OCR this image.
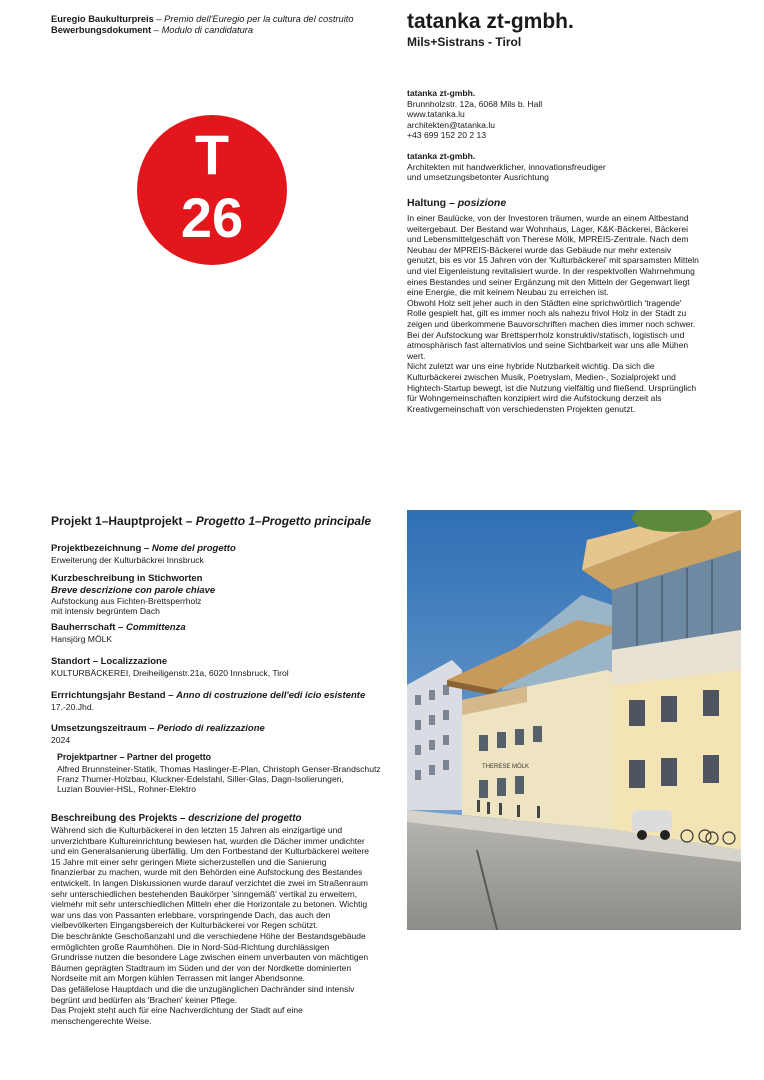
Euregio Baukulturpreis – Premio dell'Euregio per la cultura del costruito
Bewerbungsdokument – Modulo di candidatura	tatanka zt-gmbh.
Mils+Sistrans - Tirol
T
26
tatanka zt-gmbh.
Brunnholzstr. 12a, 6068 Mils b. Hall
www.tatanka.lu
architekten@tatanka.lu
+43 699 152 20 2 13
tatanka zt-gmbh.
Architekten mit handwerklicher, innovationsfreudiger
und umsetzungsbetonter Ausrichtung
Haltung – posizione
In einer Baulücke, von der Investoren träumen, wurde an einem Altbestand
weitergebaut. Der Bestand war Wohnhaus, Lager, K&K-Bäckerei, Bäckerei
und Lebensmittelgeschäft von Therese Mölk, MPREIS-Zentrale. Nach dem
Neubau der MPREIS-Bäckerei wurde das Gebäude nur mehr extensiv
genutzt, bis es vor 15 Jahren von der 'Kulturbäckerei' mit sparsamsten Mitteln
und viel Eigenleistung revitalisiert wurde. In der respektvollen Wahrnehmung
eines Bestandes und seiner Ergänzung mit den Mitteln der Gegenwart liegt
eine Energie, die mit keinem Neubau zu erreichen ist.
Obwohl Holz seit jeher auch in den Städten eine sprichwörtlich 'tragende'
Rolle gespielt hat, gilt es immer noch als nahezu frivol Holz in der Stadt zu
zeigen und überkommene Bauvorschriften machen dies immer noch schwer.
Bei der Aufstockung war Brettsperrholz konstruktiv/statisch, logistisch und
atmosphärisch fast alternativlos und seine Sichtbarkeit war uns alle Mühen
wert.
Nicht zuletzt war uns eine hybride Nutzbarkeit wichtig. Da sich die
Kulturbäckerei zwischen Musik, Poetryslam, Medien-, Sozialprojekt und
Hightech-Startup bewegt, ist die Nutzung vielfältig und fließend. Ursprünglich
für Wohngemeinschaften konzipiert wird die Aufstockung derzeit als
Kreativgemeinschaft von verschiedensten Projekten genutzt.
Projekt 1–Hauptprojekt – Progetto 1–Progetto principale
Projektbezeichnung – Nome del progetto
Erweiterung der Kulturbäckrei Innsbruck
Kurzbeschreibung in Stichworten
Breve descrizione con parole chiave
Aufstockung aus Fichten-Brettsperrholz
mit intensiv begrüntem Dach
Bauherrschaft – Committenza
Hansjörg MÖLK
Standort – Localizzazione
KULTURBÄCKEREI, Dreiheiligenstr.21a, 6020 Innsbruck, Tirol
Errrichtungsjahr Bestand – Anno di costruzione dell'edi icio esistente
17.-20.Jhd.
Umsetzungszeitraum – Periodo di realizzazione
2024
Projektpartner – Partner del progetto
Alfred Brunnsteiner-Statik, Thomas Haslinger-E-Plan, Christoph Genser-Brandschutz
Franz Thurner-Holzbau, Kluckner-Edelstahl, Siller-Glas, Dagn-Isolierungen,
Luzian Bouvier-HSL, Rohner-Elektro
Beschreibung des Projekts – descrizione del progetto
Während sich die Kulturbäckerei in den letzten 15 Jahren als einzigartige und
unverzichtbare Kultureinrichtung bewiesen hat, wurden die Dächer immer undichter
und ein Generalsanierung überfällig. Um den Fortbestand der Kulturbäckerei weitere
15 Jahre mit einer sehr geringen Miete sicherzustellen und die Sanierung
finanzierbar zu machen, wurde mit den Behörden eine Aufstockung des Bestandes
entwickelt. In langen Diskussionen wurde darauf verzichtet die zwei im Straßenraum
sehr unterschiedlichen bestehenden Baukörper 'sinngemäß' vertikal zu erweitern,
vielmehr mit sehr unterschiedlichen Mitteln eher die Horizontale zu betonen. Wichtig
war uns das von Passanten erlebbare, vorspringende Dach, das auch den
vielbevölkerten Eingangsbereich der Kulturbäckerei vor Regen schützt.
Die beschränkte Geschoßanzahl und die verschiedene Höhe der Bestandsgebäude
ermöglichten große Raumhöhen. Die in Nord-Süd-Richtung durchlässigen
Grundrisse nutzen die besondere Lage zwischen einem unverbauten von mächtigen
Bäumen geprägten Stadtraum im Süden und der von der Nordkette dominierten
Nordseite mit am Morgen kühlen Terrassen mit langer Abendsonne.
Das gefällelose Hauptdach und die die unzugänglichen Dachränder sind intensiv
begrünt und bedürfen als 'Brachen' keiner Pflege.
Das Projekt steht auch für eine Nachverdichtung der Stadt auf eine
menschengerechte Weise.
THERESE MÖLK
